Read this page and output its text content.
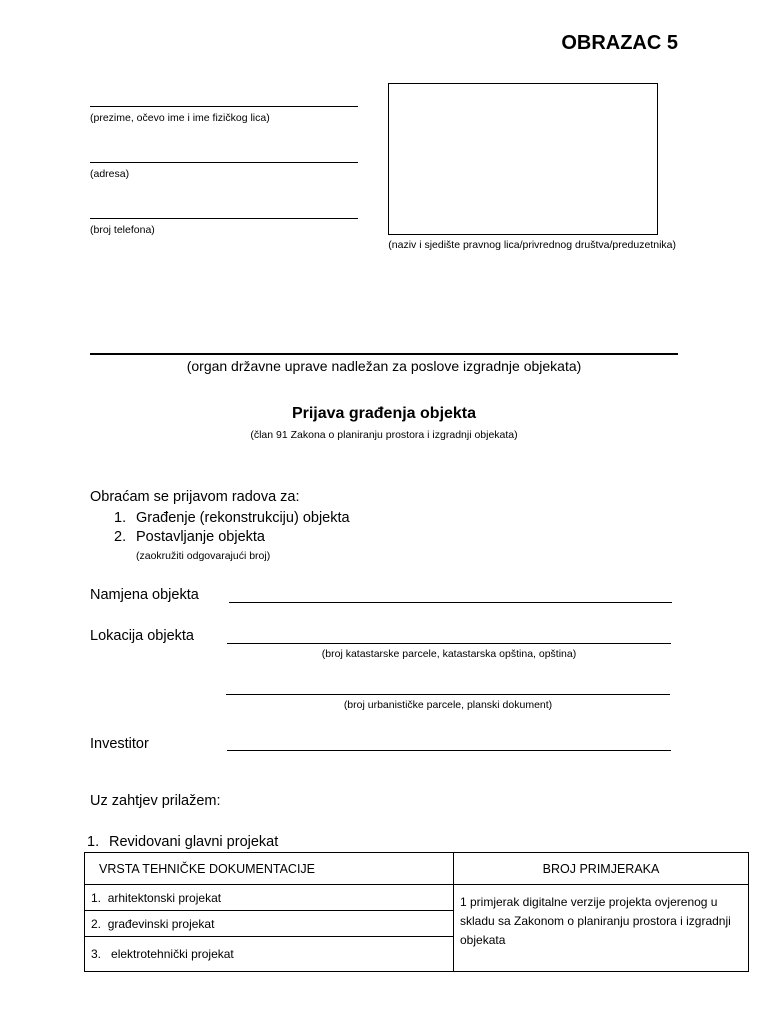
OBRAZAC 5
(prezime, očevo ime i ime fizičkog lica)
(adresa)
(broj telefona)
(naziv i sjedište pravnog lica/privrednog društva/preduzetnika)
(organ državne uprave nadležan za poslove izgradnje objekata)
Prijava građenja objekta
(član 91 Zakona o planiranju prostora i izgradnji objekata)
Obraćam se prijavom radova za:
1. Građenje (rekonstrukciju) objekta
2. Postavljanje objekta
(zaokružiti odgovarajući broj)
Namjena objekta
Lokacija objekta
(broj katastarske parcele, katastarska opština, opština)
(broj urbanističke parcele, planski dokument)
Investitor
Uz zahtjev prilažem:
1. Revidovani glavni projekat
VRSTA TEHNIČKE DOKUMENTACIJE	BROJ PRIMJERAKA
1. arhitektonski projekat	1 primjerak digitalne verzije projekta ovjerenog u skladu sa Zakonom o planiranju prostora i izgradnji objekata
2. građevinski projekat	
3. elektrotehnički projekat	
